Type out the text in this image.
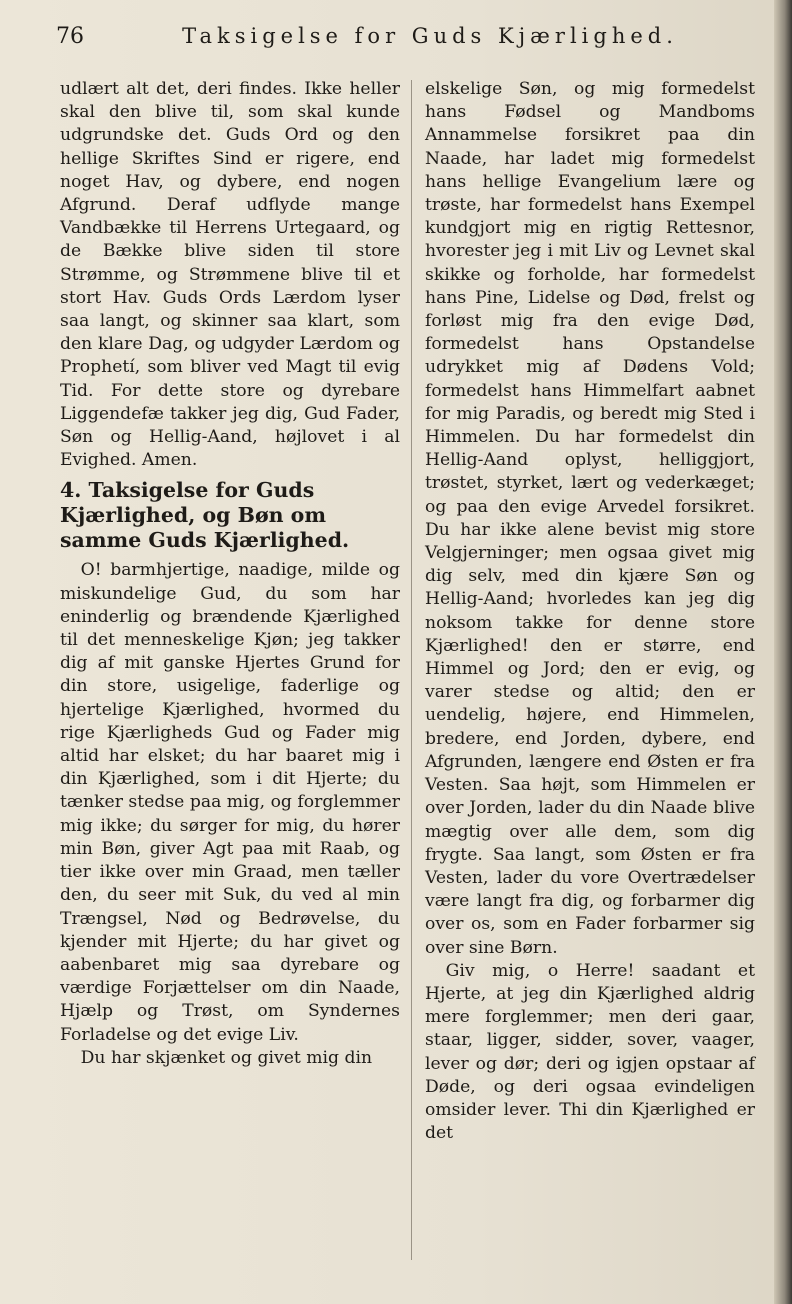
76	Taksigelse for Guds Kjærlighed.

udlært alt det, deri findes. Ikke heller skal den blive til, som skal kunde udgrundske det. Guds Ord og den hellige Skriftes Sind er rigere, end noget Hav, og dybere, end nogen Afgrund. Deraf udflyde mange Vandbække til Herrens Urtegaard, og de Bække blive siden til store Strømme, og Strømmene blive til et stort Hav. Guds Ords Lærdom lyser saa langt, og skinner saa klart, som den klare Dag, og udgyder Lærdom og Prophetí, som bliver ved Magt til evig Tid. For dette store og dyrebare Liggendefæ takker jeg dig, Gud Fader, Søn og Hellig-Aand, højlovet i al Evighed. Amen.

4. Taksigelse for Guds Kjærlighed, og Bøn om samme Guds Kjærlighed.

O! barmhjertige, naadige, milde og miskundelige Gud, du som har eninderlig og brændende Kjærlighed til det menneskelige Kjøn; jeg takker dig af mit ganske Hjertes Grund for din store, usigelige, faderlige og hjertelige Kjærlighed, hvormed du rige Kjærligheds Gud og Fader mig altid har elsket; du har baaret mig i din Kjærlighed, som i dit Hjerte; du tænker stedse paa mig, og forglemmer mig ikke; du sørger for mig, du hører min Bøn, giver Agt paa mit Raab, og tier ikke over min Graad, men tæller den, du seer mit Suk, du ved al min Trængsel, Nød og Bedrøvelse, du kjender mit Hjerte; du har givet og aabenbaret mig saa dyrebare og værdige Forjættelser om din Naade, Hjælp og Trøst, om Syndernes Forladelse og det evige Liv.

Du har skjænket og givet mig din

elskelige Søn, og mig formedelst hans Fødsel og Mandboms Annammelse forsikret paa din Naade, har ladet mig formedelst hans hellige Evangelium lære og trøste, har formedelst hans Exempel kundgjort mig en rigtig Rettesnor, hvorester jeg i mit Liv og Levnet skal skikke og forholde, har formedelst hans Pine, Lidelse og Død, frelst og forløst mig fra den evige Død, formedelst hans Opstandelse udrykket mig af Dødens Vold; formedelst hans Himmelfart aabnet for mig Paradis, og beredt mig Sted i Himmelen. Du har formedelst din Hellig-Aand oplyst, helliggjort, trøstet, styrket, lært og vederkæget; og paa den evige Arvedel forsikret. Du har ikke alene bevist mig store Velgjerninger; men ogsaa givet mig dig selv, med din kjære Søn og Hellig-Aand; hvorledes kan jeg dig noksom takke for denne store Kjærlighed! den er større, end Himmel og Jord; den er evig, og varer stedse og altid; den er uendelig, højere, end Himmelen, bredere, end Jorden, dybere, end Afgrunden, længere end Østen er fra Vesten. Saa højt, som Himmelen er over Jorden, lader du din Naade blive mægtig over alle dem, som dig frygte. Saa langt, som Østen er fra Vesten, lader du vore Overtrædelser være langt fra dig, og forbarmer dig over os, som en Fader forbarmer sig over sine Børn.

Giv mig, o Herre! saadant et Hjerte, at jeg din Kjærlighed aldrig mere forglemmer; men deri gaar, staar, ligger, sidder, sover, vaager, lever og dør; deri og igjen opstaar af Døde, og deri ogsaa evindeligen omsider lever. Thi din Kjærlighed er det
